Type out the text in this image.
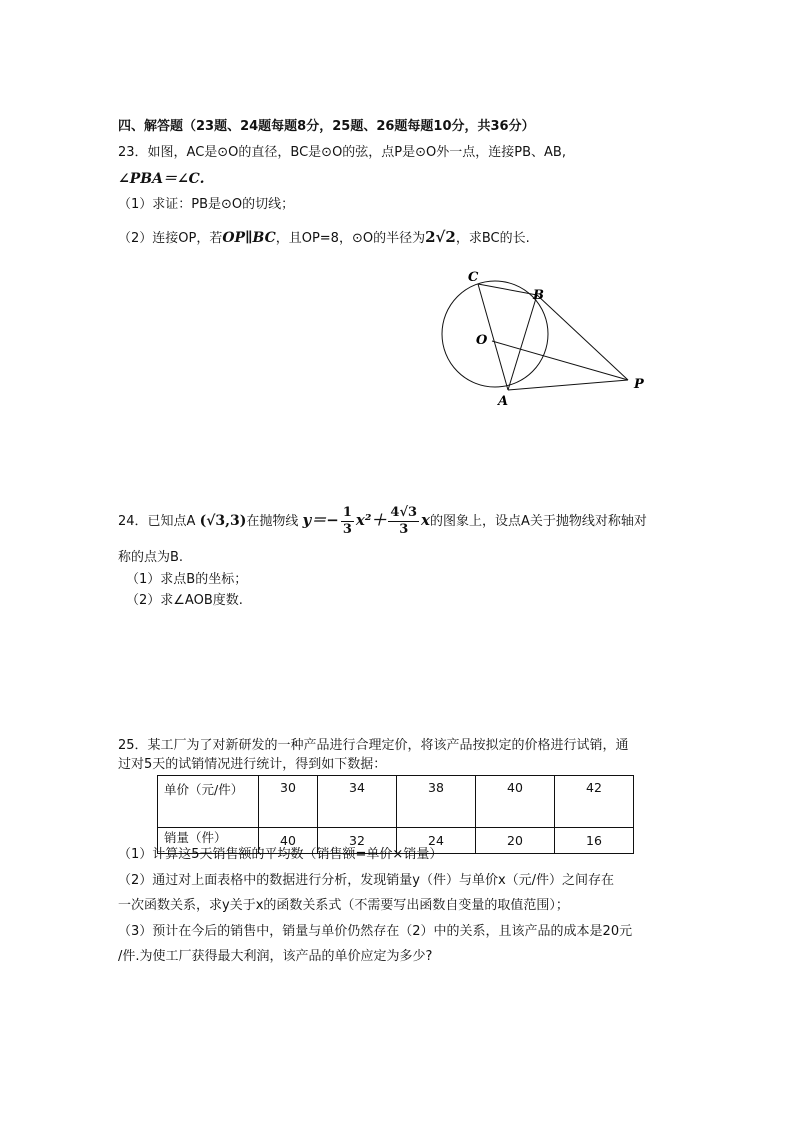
四、解答题（23题、24题每题8分，25题、26题每题10分，共36分）
23．如图，AC是⊙O的直径，BC是⊙O的弦，点P是⊙O外一点，连接PB、AB,
∠PBA＝∠C.
（1）求证：PB是⊙O的切线；
（2）连接OP，若OP∥BC，且OP=8，⊙O的半径为2√2，求BC的长.
C
B
O
A
P
24．已知点A (√3,3)在抛物线 $y=- \frac{1}{3} x^2+ \frac{4√3}{3}$ x的图象上，设点A关于抛物线对称轴对
称的点为B.
（1）求点B的坐标；
（2）求∠AOB度数.
25．某工厂为了对新研发的一种产品进行合理定价，将该产品按拟定的价格进行试销，通
过对5天的试销情况进行统计，得到如下数据：
单价（元/件）	30	34	38	40	42
销量（件）	40	32	24	20	16
（1）计算这5天销售额的平均数（销售额=单价×销量）
（2）通过对上面表格中的数据进行分析，发现销量y（件）与单价x（元/件）之间存在
一次函数关系，求y关于x的函数关系式（不需要写出函数自变量的取值范围）；
（3）预计在今后的销售中，销量与单价仍然存在（2）中的关系，且该产品的成本是20元
/件.为使工厂获得最大利润，该产品的单价应定为多少?
